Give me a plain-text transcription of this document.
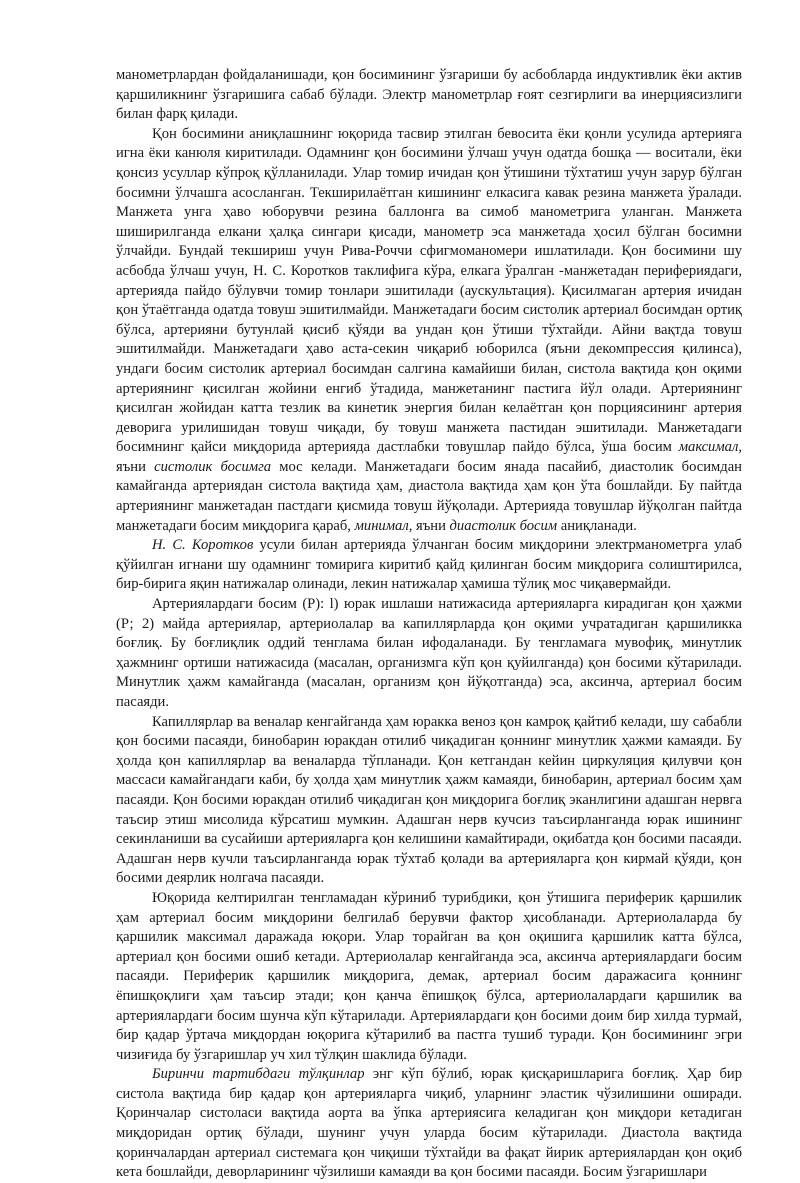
манометрлардан фойдаланишади, қон босимининг ўзгариши бу асбобларда индуктивлик ёки актив қаршиликнинг ўзгаришига сабаб бўлади. Электр манометрлар ғоят сезгирлиги ва инерциясизлиги билан фарқ қилади.

Қон босимини аниқлашнинг юқорида тасвир этилган бевосита ёки қонли усулида артерияга игна ёки канюля киритилади. Одамнинг қон босимини ўлчаш учун одатда бошқа — воситали, ёки қонсиз усуллар кўпроқ қўлланилади. Улар томир ичидан қон ўтишини тўхтатиш учун зарур бўлган босимни ўлчашга асосланган. Текширилаётган кишининг елкасига кавак резина манжета ўралади. Манжета унга ҳаво юборувчи резина баллонга ва симоб манометрига уланган. Манжета шиширилганда елкани ҳалқа сингари қисади, манометр эса манжетада ҳосил бўлган босимни ўлчайди. Бундай текшириш учун Рива-Роччи сфигмоманомери ишлатилади. Қон босимини шу асбобда ўлчаш учун, Н. С. Коротков таклифига кўра, елкага ўралган -манжетадан перифериядаги, артерияда пайдо бўлувчи томир тонлари эшитилади (аускультация). Қисилмаган артерия ичидан қон ўтаётганда одатда товуш эшитилмайди. Манжетадаги босим систолик артериал босимдан ортиқ бўлса, артерияни бутунлай қисиб қўяди ва ундан қон ўтиши тўхтайди. Айни вақтда товуш эшитилмайди. Манжетадаги ҳаво аста-секин чиқариб юборилса (яъни декомпрессия қилинса), ундаги босим систолик артериал босимдан салгина камайиши билан, систола вақтида қон оқими артериянинг қисилган жойини енгиб ўтадида, манжетанинг пастига йўл олади. Артериянинг қисилган жойидан катта тезлик ва кинетик энергия билан келаётган қон порциясининг артерия деворига урилишидан товуш чиқади, бу товуш манжета пастидан эшитилади. Манжетадаги босимнинг қайси миқдорида артерияда дастлабки товушлар пайдо бўлса, ўша босим максимал, яъни систолик босимга мос келади. Манжетадаги босим янада пасайиб, диастолик босимдан камайганда артериядан систола вақтида ҳам, диастола вақтида ҳам қон ўта бошлайди. Бу пайтда артериянинг манжетадан пастдаги қисмида товуш йўқолади. Артерияда товушлар йўқолган пайтда манжетадаги босим миқдорига қараб, минимал, яъни диастолик босим аниқланади.

Н. С. Коротков усули билан артерияда ўлчанган босим миқдорини электрманометрга улаб қўйилган игнани шу одамнинг томирига киритиб қайд қилинган босим миқдорига солиштирилса, бир-бирига яқин натижалар олинади, лекин натижалар ҳамиша тўлиқ мос чиқавермайди.

Артериялардаги босим (Р): l) юрак ишлаши натижасида артерияларга кирадиган қон ҳажми (Р; 2) майда артериялар, артериолалар ва капиллярларда қон оқими учратадиган қаршиликка боғлиқ. Бу боғлиқлик оддий тенглама билан ифодаланади. Бу тенгламага мувофиқ, минутлик ҳажмнинг ортиши натижасида (масалан, организмга кўп қон қуйилганда) қон босими кўтарилади. Минутлик ҳажм камайганда (масалан, организм қон йўқотганда) эса, аксинча, артериал босим пасаяди.

Капиллярлар ва веналар кенгайганда ҳам юракка веноз қон камроқ қайтиб келади, шу сабабли қон босими пасаяди, бинобарин юракдан отилиб чиқадиган қоннинг минутлик ҳажми камаяди. Бу ҳолда қон капиллярлар ва веналарда тўпланади. Қон кетгандан кейин циркуляция қилувчи қон массаси камайгандаги каби, бу ҳолда ҳам минутлик ҳажм камаяди, бинобарин, артериал босим ҳам пасаяди. Қон босими юракдан отилиб чиқадиган қон миқдорига боғлиқ эканлигини адашган нервга таъсир этиш мисолида кўрсатиш мумкин. Адашган нерв кучсиз таъсирланганда юрак ишининг секинланиши ва сусайиши артерияларга қон келишини камайтиради, оқибатда қон босими пасаяди. Адашган нерв кучли таъсирланганда юрак тўхтаб қолади ва артерияларга қон кирмай қўяди, қон босими деярлик нолгача пасаяди.

Юқорида келтирилган тенгламадан кўриниб турибдики, қон ўтишига периферик қаршилик ҳам артериал босим миқдорини белгилаб берувчи фактор ҳисобланади. Артериолаларда бу қаршилик максимал даражада юқори. Улар торайган ва қон оқишига қаршилик катта бўлса, артериал қон босими ошиб кетади. Артериолалар кенгайганда эса, аксинча артериялардаги босим пасаяди. Периферик қаршилик миқдорига, демак, артериал босим даражасига қоннинг ёпишқоқлиги ҳам таъсир этади; қон қанча ёпишқоқ бўлса, артериолалардаги қаршилик ва артериялардаги босим шунча кўп кўтарилади. Артериялардаги қон босими доим бир хилда турмай, бир қадар ўртача миқдордан юқорига кўтарилиб ва пастга тушиб туради. Қон босимининг эгри чизиғида бу ўзгаришлар уч хил тўлқин шаклида бўлади.

Биринчи тартибдаги тўлқинлар энг кўп бўлиб, юрак қисқаришларига боғлиқ. Ҳар бир систола вақтида бир қадар қон артерияларга чиқиб, уларнинг эластик чўзилишини оширади. Қоринчалар систоласи вақтида аорта ва ўпка артериясига келадиган қон миқдори кетадиган миқдоридан ортиқ бўлади, шунинг учун уларда босим кўтарилади. Диастола вақтида қоринчалардан артериал системага қон чиқиши тўхтайди ва фақат йирик артериялардан қон оқиб кета бошлайди, деворларининг чўзилиши камаяди ва қон босими пасаяди. Босим ўзгаришлари
